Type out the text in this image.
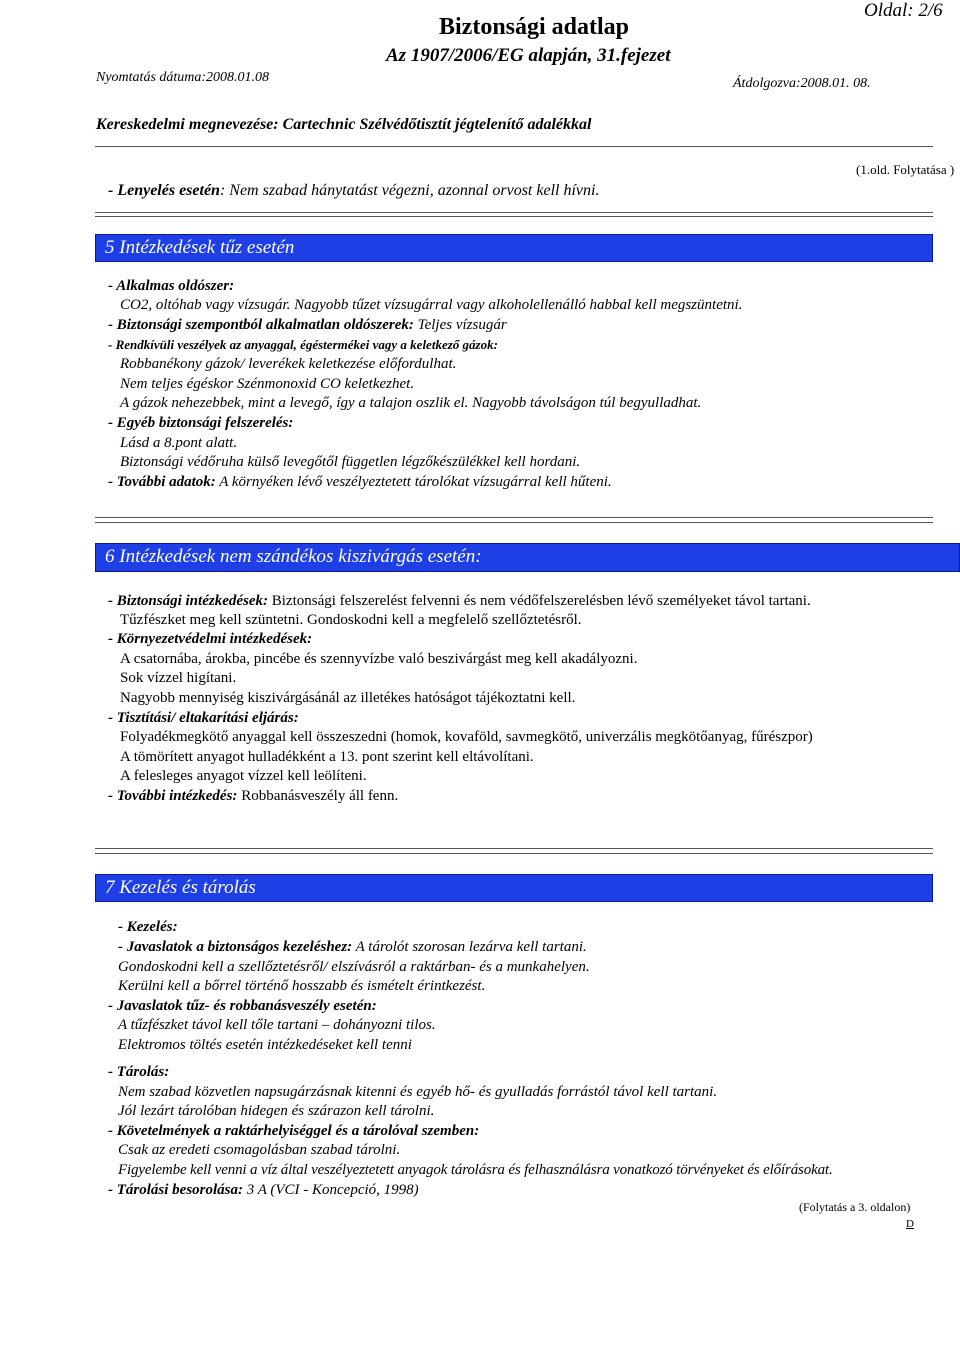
Oldal: 2/6
Biztonsági adatlap
Az 1907/2006/EG alapján, 31.fejezet
Nyomtatás dátuma:2008.01.08	Átdolgozva:2008.01. 08.
Kereskedelmi megnevezése: Cartechnic Szélvédőtisztít jégtelenítő adalékkal
(1.old. Folytatása )
- Lenyelés esetén: Nem szabad hánytatást végezni, azonnal orvost kell hívni.
5 Intézkedések tűz esetén
- Alkalmas oldószer:
CO2, oltóhab vagy vízsugár. Nagyobb tűzet vízsugárral vagy alkoholellenálló habbal kell megszüntetni.
- Biztonsági szempontból alkalmatlan oldószerek: Teljes vízsugár
- Rendkívüli veszélyek az anyaggal, égéstermékei vagy a keletkező gázok:
Robbanékony gázok/ leverékek keletkezése előfordulhat.
Nem teljes égéskor Szénmonoxid CO keletkezhet.
A gázok nehezebbek, mint a levegő, így a talajon oszlik el. Nagyobb távolságon túl begyulladhat.
- Egyéb biztonsági felszerelés:
Lásd a 8.pont alatt.
Biztonsági védőruha külső levegőtől független légzőkészülékkel kell hordani.
- További adatok: A környéken lévő veszélyeztetett tárolókat vízsugárral kell hűteni.
6 Intézkedések nem szándékos kiszivárgás esetén:
- Biztonsági intézkedések: Biztonsági felszerelést felvenni és nem védőfelszerelésben lévő személyeket távol tartani.
Tűzfészket meg kell szüntetni. Gondoskodni kell a megfelelő szellőztetésről.
- Környezetvédelmi intézkedések:
A csatornába, árokba, pincébe és szennyvízbe való beszivárgást meg kell akadályozni.
Sok vízzel higítani.
Nagyobb mennyiség kiszivárgásánál az illetékes hatóságot tájékoztatni kell.
- Tisztítási/ eltakarítási eljárás:
Folyadékmegkötő anyaggal kell összeszedni (homok, kovaföld, savmegkötő, univerzális megkötőanyag, fűrészpor)
A tömörített anyagot hulladékként a 13. pont szerint kell eltávolítani.
A felesleges anyagot vízzel kell leölíteni.
- További intézkedés: Robbanásveszély áll fenn.
7 Kezelés és tárolás
- Kezelés:
- Javaslatok a biztonságos kezeléshez: A tárolót szorosan lezárva kell tartani.
Gondoskodni kell a szellőztetésről/ elszívásról a raktárban- és a munkahelyen.
Kerülni kell a bőrrel történő hosszabb és ismételt érintkezést.
- Javaslatok tűz- és robbanásveszély esetén:
A tűzfészket távol kell tőle tartani – dohányozni tilos.
Elektromos töltés esetén intézkedéseket kell tenni
- Tárolás:
Nem szabad közvetlen napsugárzásnak kitenni és egyéb hő- és gyulladás forrástól távol kell tartani.
Jól lezárt tárolóban hidegen és szárazon kell tárolni.
- Követelmények a raktárhelyiséggel és a tárolóval szemben:
Csak az eredeti csomagolásban szabad tárolni.
Figyelembe kell venni a víz által veszélyeztetett anyagok tárolásra és felhasználásra vonatkozó törvényeket és előírásokat.
- Tárolási besorolása: 3 A (VCI - Koncepció, 1998)
(Folytatás a 3. oldalon)
D
